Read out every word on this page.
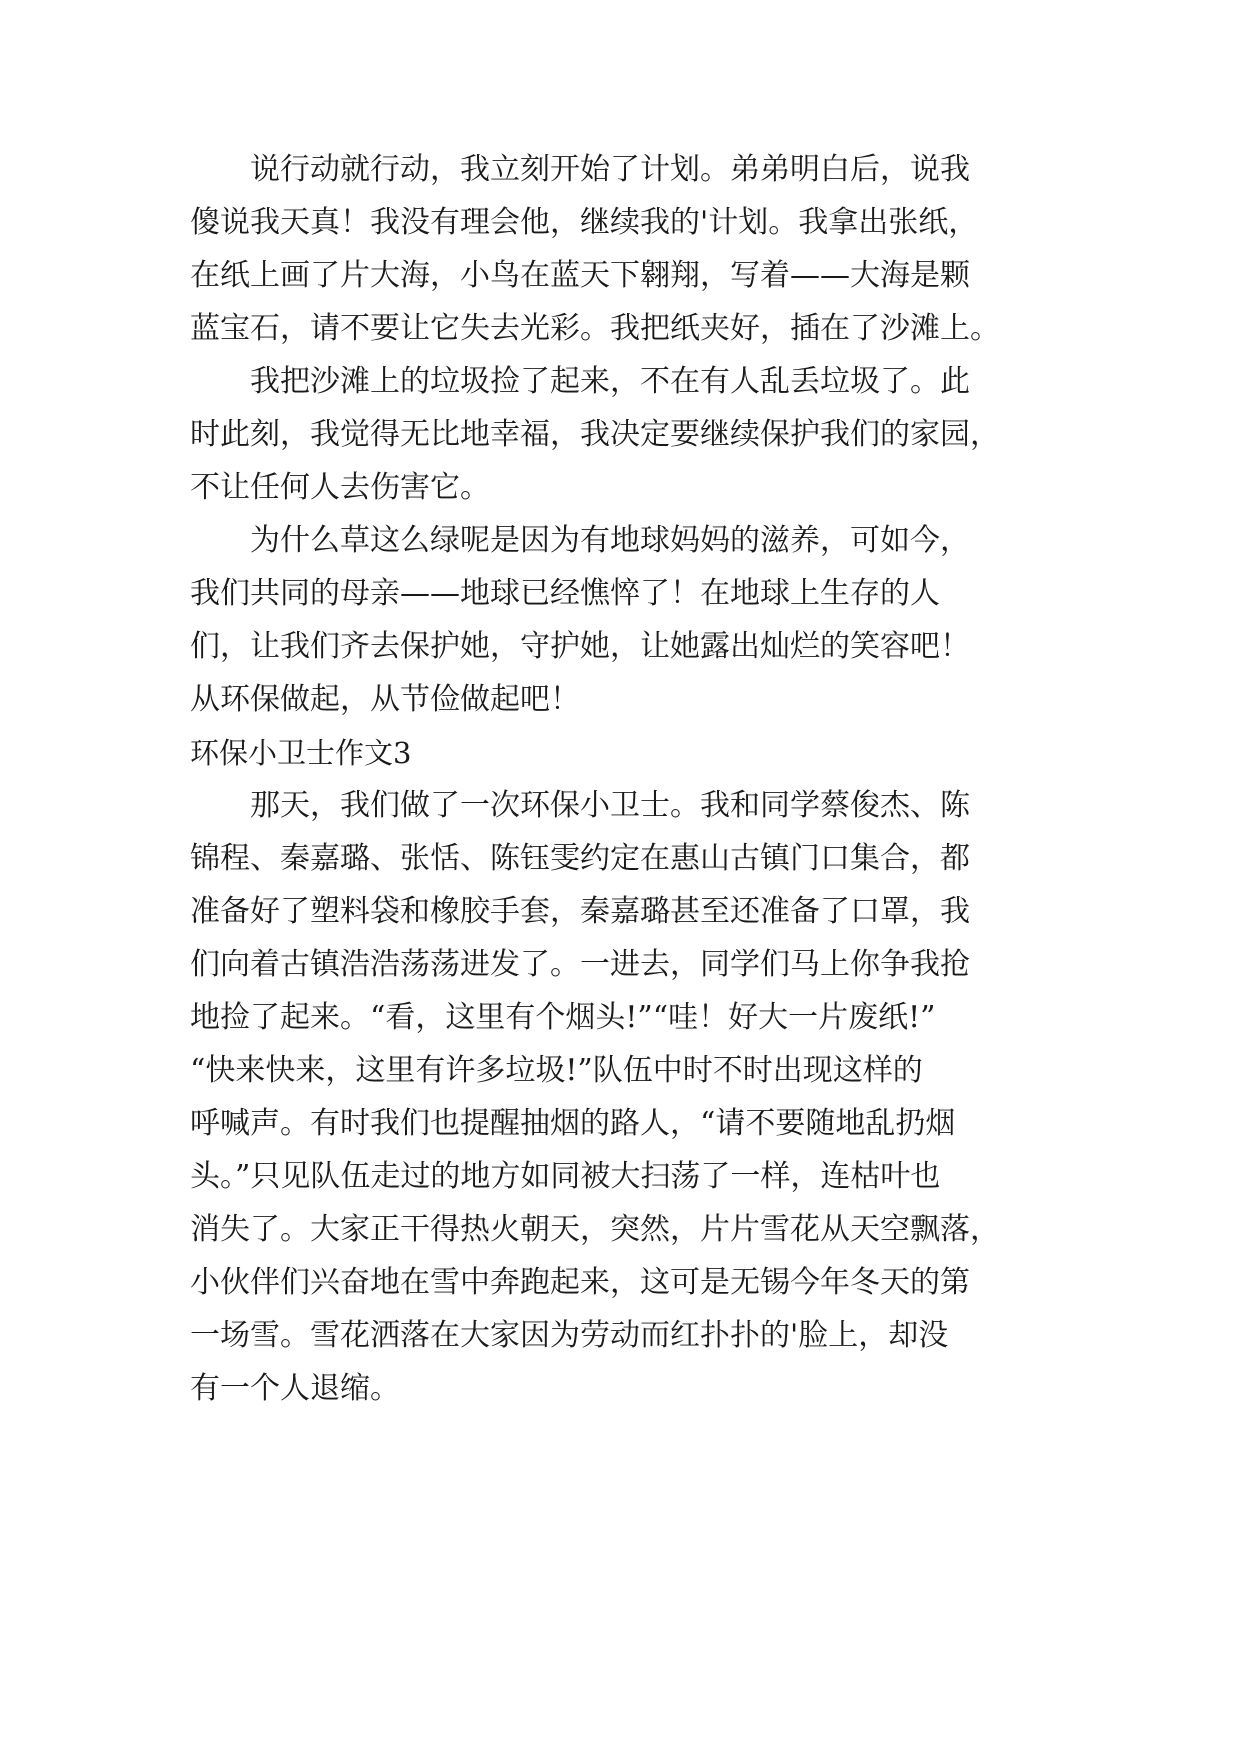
　　说行动就行动，我立刻开始了计划。弟弟明白后，说我
傻说我天真！我没有理会他，继续我的'计划。我拿出张纸，
在纸上画了片大海，小鸟在蓝天下翱翔，写着——大海是颗
蓝宝石，请不要让它失去光彩。我把纸夹好，插在了沙滩上。
　　我把沙滩上的垃圾捡了起来，不在有人乱丢垃圾了。此
时此刻，我觉得无比地幸福，我决定要继续保护我们的家园，
不让任何人去伤害它。
　　为什么草这么绿呢是因为有地球妈妈的滋养，可如今，
我们共同的母亲——地球已经憔悴了！在地球上生存的人
们，让我们齐去保护她，守护她，让她露出灿烂的笑容吧！
从环保做起，从节俭做起吧！
环保小卫士作文3
　　那天，我们做了一次环保小卫士。我和同学蔡俊杰、陈
锦程、秦嘉璐、张恬、陈钰雯约定在惠山古镇门口集合，都
准备好了塑料袋和橡胶手套，秦嘉璐甚至还准备了口罩，我
们向着古镇浩浩荡荡进发了。一进去，同学们马上你争我抢
地捡了起来。“看，这里有个烟头!”“哇！好大一片废纸!”
“快来快来，这里有许多垃圾!”队伍中时不时出现这样的
呼喊声。有时我们也提醒抽烟的路人，“请不要随地乱扔烟
头。”只见队伍走过的地方如同被大扫荡了一样，连枯叶也
消失了。大家正干得热火朝天，突然，片片雪花从天空飘落，
小伙伴们兴奋地在雪中奔跑起来，这可是无锡今年冬天的第
一场雪。雪花洒落在大家因为劳动而红扑扑的'脸上，却没
有一个人退缩。
